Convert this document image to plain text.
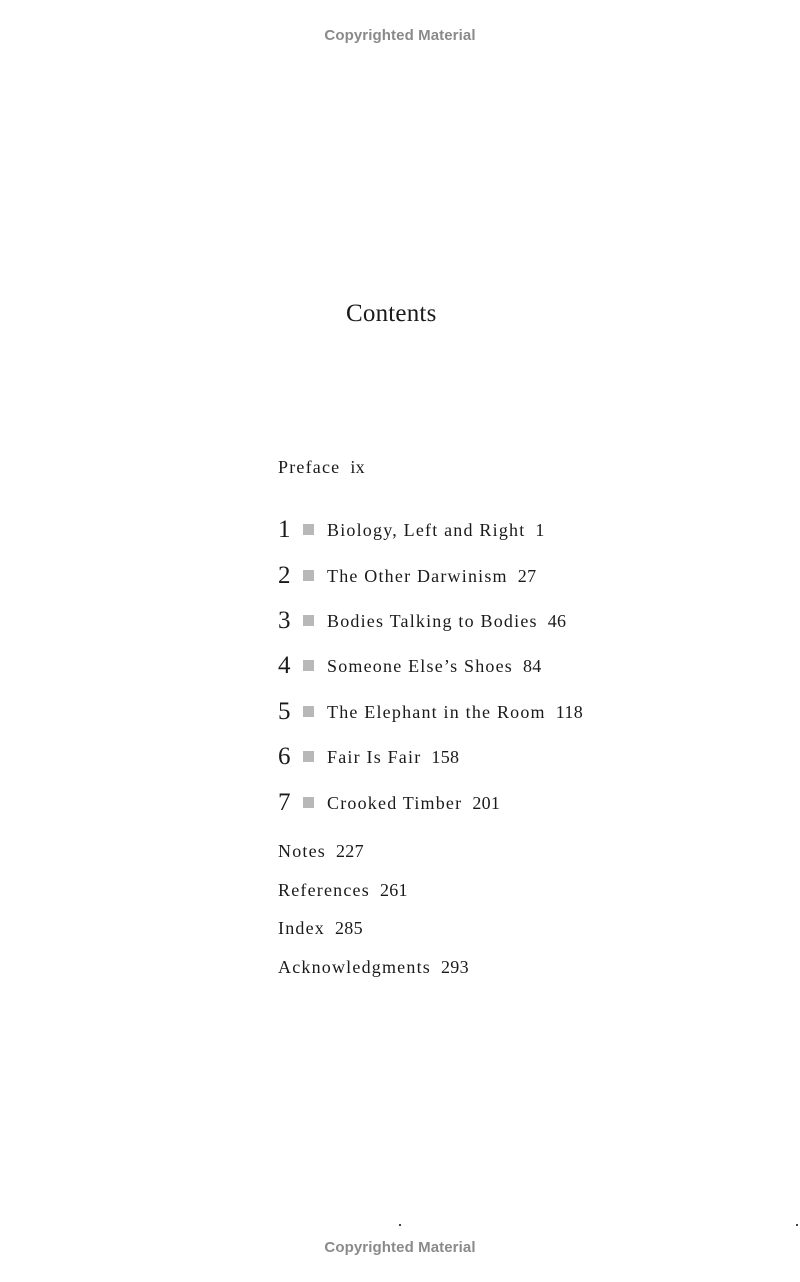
Copyrighted Material
Contents
Preface ix
1 Biology, Left and Right 1
2 The Other Darwinism 27
3 Bodies Talking to Bodies 46
4 Someone Else’s Shoes 84
5 The Elephant in the Room 118
6 Fair Is Fair 158
7 Crooked Timber 201
Notes 227
References 261
Index 285
Acknowledgments 293
Copyrighted Material
